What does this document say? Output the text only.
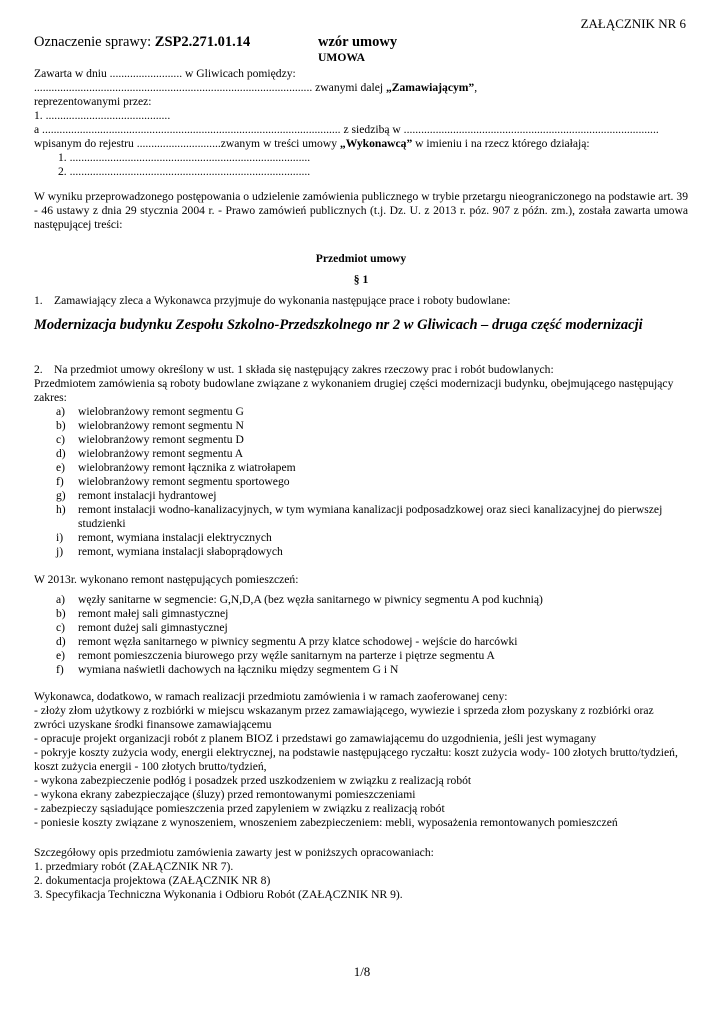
ZAŁĄCZNIK NR 6
Oznaczenie sprawy: ZSP2.271.01.14	wzór umowy
UMOWA
Zawarta w dniu ......................... w Gliwicach pomiędzy:
................................................................................................ zwanymi dalej „Zamawiającym”,
reprezentowanymi przez:
1. ...........................................
a ....................................................................................................... z siedzibą w ........................................................................................
wpisanym do rejestru .............................zwanym w treści umowy „Wykonawcą” w imieniu i na rzecz którego działają:
1. ...................................................................................
2. ...................................................................................
W wyniku przeprowadzonego postępowania o udzielenie zamówienia publicznego w trybie przetargu nieograniczonego na podstawie art. 39 - 46 ustawy z dnia 29 stycznia 2004 r. - Prawo zamówień publicznych (t.j. Dz. U. z 2013 r. póz. 907 z późn. zm.), została zawarta umowa następującej treści:
Przedmiot umowy
§ 1
1. Zamawiający zleca a Wykonawca przyjmuje do wykonania następujące prace i roboty budowlane:
Modernizacja budynku Zespołu Szkolno-Przedszkolnego nr 2 w Gliwicach – druga część modernizacji
2. Na przedmiot umowy określony w ust. 1 składa się następujący zakres rzeczowy prac i robót budowlanych:
Przedmiotem zamówienia są roboty budowlane związane z wykonaniem drugiej części modernizacji budynku, obejmującego następujący zakres:
a) wielobranżowy remont segmentu G
b) wielobranżowy remont segmentu N
c) wielobranżowy remont segmentu D
d) wielobranżowy remont segmentu A
e) wielobranżowy remont łącznika z wiatrołapem
f) wielobranżowy remont segmentu sportowego
g) remont instalacji hydrantowej
h) remont instalacji wodno-kanalizacyjnych, w tym wymiana kanalizacji podposadzkowej oraz sieci kanalizacyjnej do pierwszej studzienki
i) remont, wymiana instalacji elektrycznych
j) remont, wymiana instalacji słaboprądowych
W 2013r. wykonano remont następujących pomieszczeń:
a) węzły sanitarne w segmencie: G,N,D,A (bez węzła sanitarnego w piwnicy segmentu A pod kuchnią)
b) remont małej sali gimnastycznej
c) remont dużej sali gimnastycznej
d) remont węzła sanitarnego w piwnicy segmentu A przy klatce schodowej - wejście do harcówki
e) remont pomieszczenia biurowego przy węźle sanitarnym na parterze i piętrze segmentu A
f) wymiana naświetli dachowych na łączniku między segmentem G i N
Wykonawca, dodatkowo, w ramach realizacji przedmiotu zamówienia i w ramach zaoferowanej ceny:
- złoży złom użytkowy z rozbiórki w miejscu wskazanym przez zamawiającego, wywiezie i sprzeda złom pozyskany z rozbiórki oraz zwróci uzyskane środki finansowe zamawiającemu
- opracuje projekt organizacji robót z planem BIOZ i przedstawi go zamawiającemu do uzgodnienia, jeśli jest wymagany
- pokryje koszty zużycia wody, energii elektrycznej, na podstawie następującego ryczałtu: koszt zużycia wody- 100 złotych brutto/tydzień, koszt zużycia energii - 100 złotych brutto/tydzień,
- wykona zabezpieczenie podłóg i posadzek przed uszkodzeniem w związku z realizacją robót
- wykona ekrany zabezpieczające (śluzy) przed remontowanymi pomieszczeniami
- zabezpieczy sąsiadujące pomieszczenia przed zapyleniem w związku z realizacją robót
- poniesie koszty związane z wynoszeniem, wnoszeniem zabezpieczeniem: mebli, wyposażenia remontowanych pomieszczeń
Szczegółowy opis przedmiotu zamówienia zawarty jest w poniższych opracowaniach:
1. przedmiary robót (ZAŁĄCZNIK NR 7).
2. dokumentacja projektowa (ZAŁĄCZNIK NR 8)
3. Specyfikacja Techniczna Wykonania i Odbioru Robót (ZAŁĄCZNIK NR 9).
1/8
